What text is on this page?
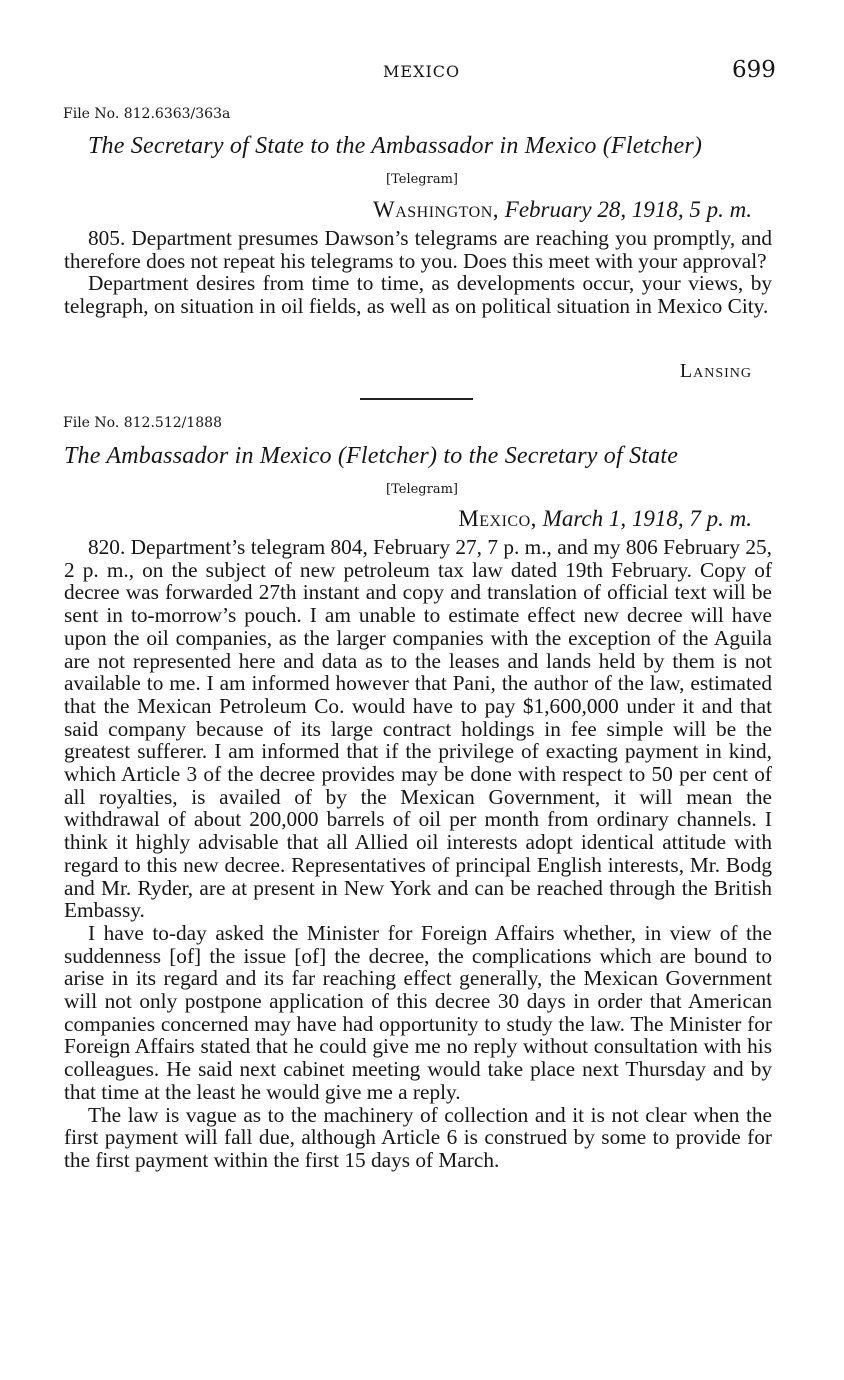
MEXICO	699
File No. 812.6363/363a
The Secretary of State to the Ambassador in Mexico (Fletcher)
[Telegram]
Washington, February 28, 1918, 5 p. m.

805. Department presumes Dawson’s telegrams are reaching you promptly, and therefore does not repeat his telegrams to you. Does this meet with your approval?

Department desires from time to time, as developments occur, your views, by telegraph, on situation in oil fields, as well as on political situation in Mexico City.

Lansing
File No. 812.512/1888
The Ambassador in Mexico (Fletcher) to the Secretary of State
[Telegram]
Mexico, March 1, 1918, 7 p. m.

820. Department’s telegram 804, February 27, 7 p. m., and my 806 February 25, 2 p. m., on the subject of new petroleum tax law dated 19th February. Copy of decree was forwarded 27th instant and copy and translation of official text will be sent in to-morrow’s pouch. I am unable to estimate effect new decree will have upon the oil companies, as the larger companies with the exception of the Aguila are not represented here and data as to the leases and lands held by them is not available to me. I am informed however that Pani, the author of the law, estimated that the Mexican Petroleum Co. would have to pay $1,600,000 under it and that said company because of its large contract holdings in fee simple will be the greatest sufferer. I am informed that if the privilege of exacting payment in kind, which Article 3 of the decree provides may be done with respect to 50 per cent of all royalties, is availed of by the Mexican Government, it will mean the withdrawal of about 200,000 barrels of oil per month from ordinary channels. I think it highly advisable that all Allied oil interests adopt identical attitude with regard to this new decree. Representatives of principal English interests, Mr. Bodg and Mr. Ryder, are at present in New York and can be reached through the British Embassy.

I have to-day asked the Minister for Foreign Affairs whether, in view of the suddenness [of] the issue [of] the decree, the complications which are bound to arise in its regard and its far reaching effect generally, the Mexican Government will not only postpone application of this decree 30 days in order that American companies concerned may have had opportunity to study the law. The Minister for Foreign Affairs stated that he could give me no reply without consultation with his colleagues. He said next cabinet meeting would take place next Thursday and by that time at the least he would give me a reply.

The law is vague as to the machinery of collection and it is not clear when the first payment will fall due, although Article 6 is construed by some to provide for the first payment within the first 15 days of March.
